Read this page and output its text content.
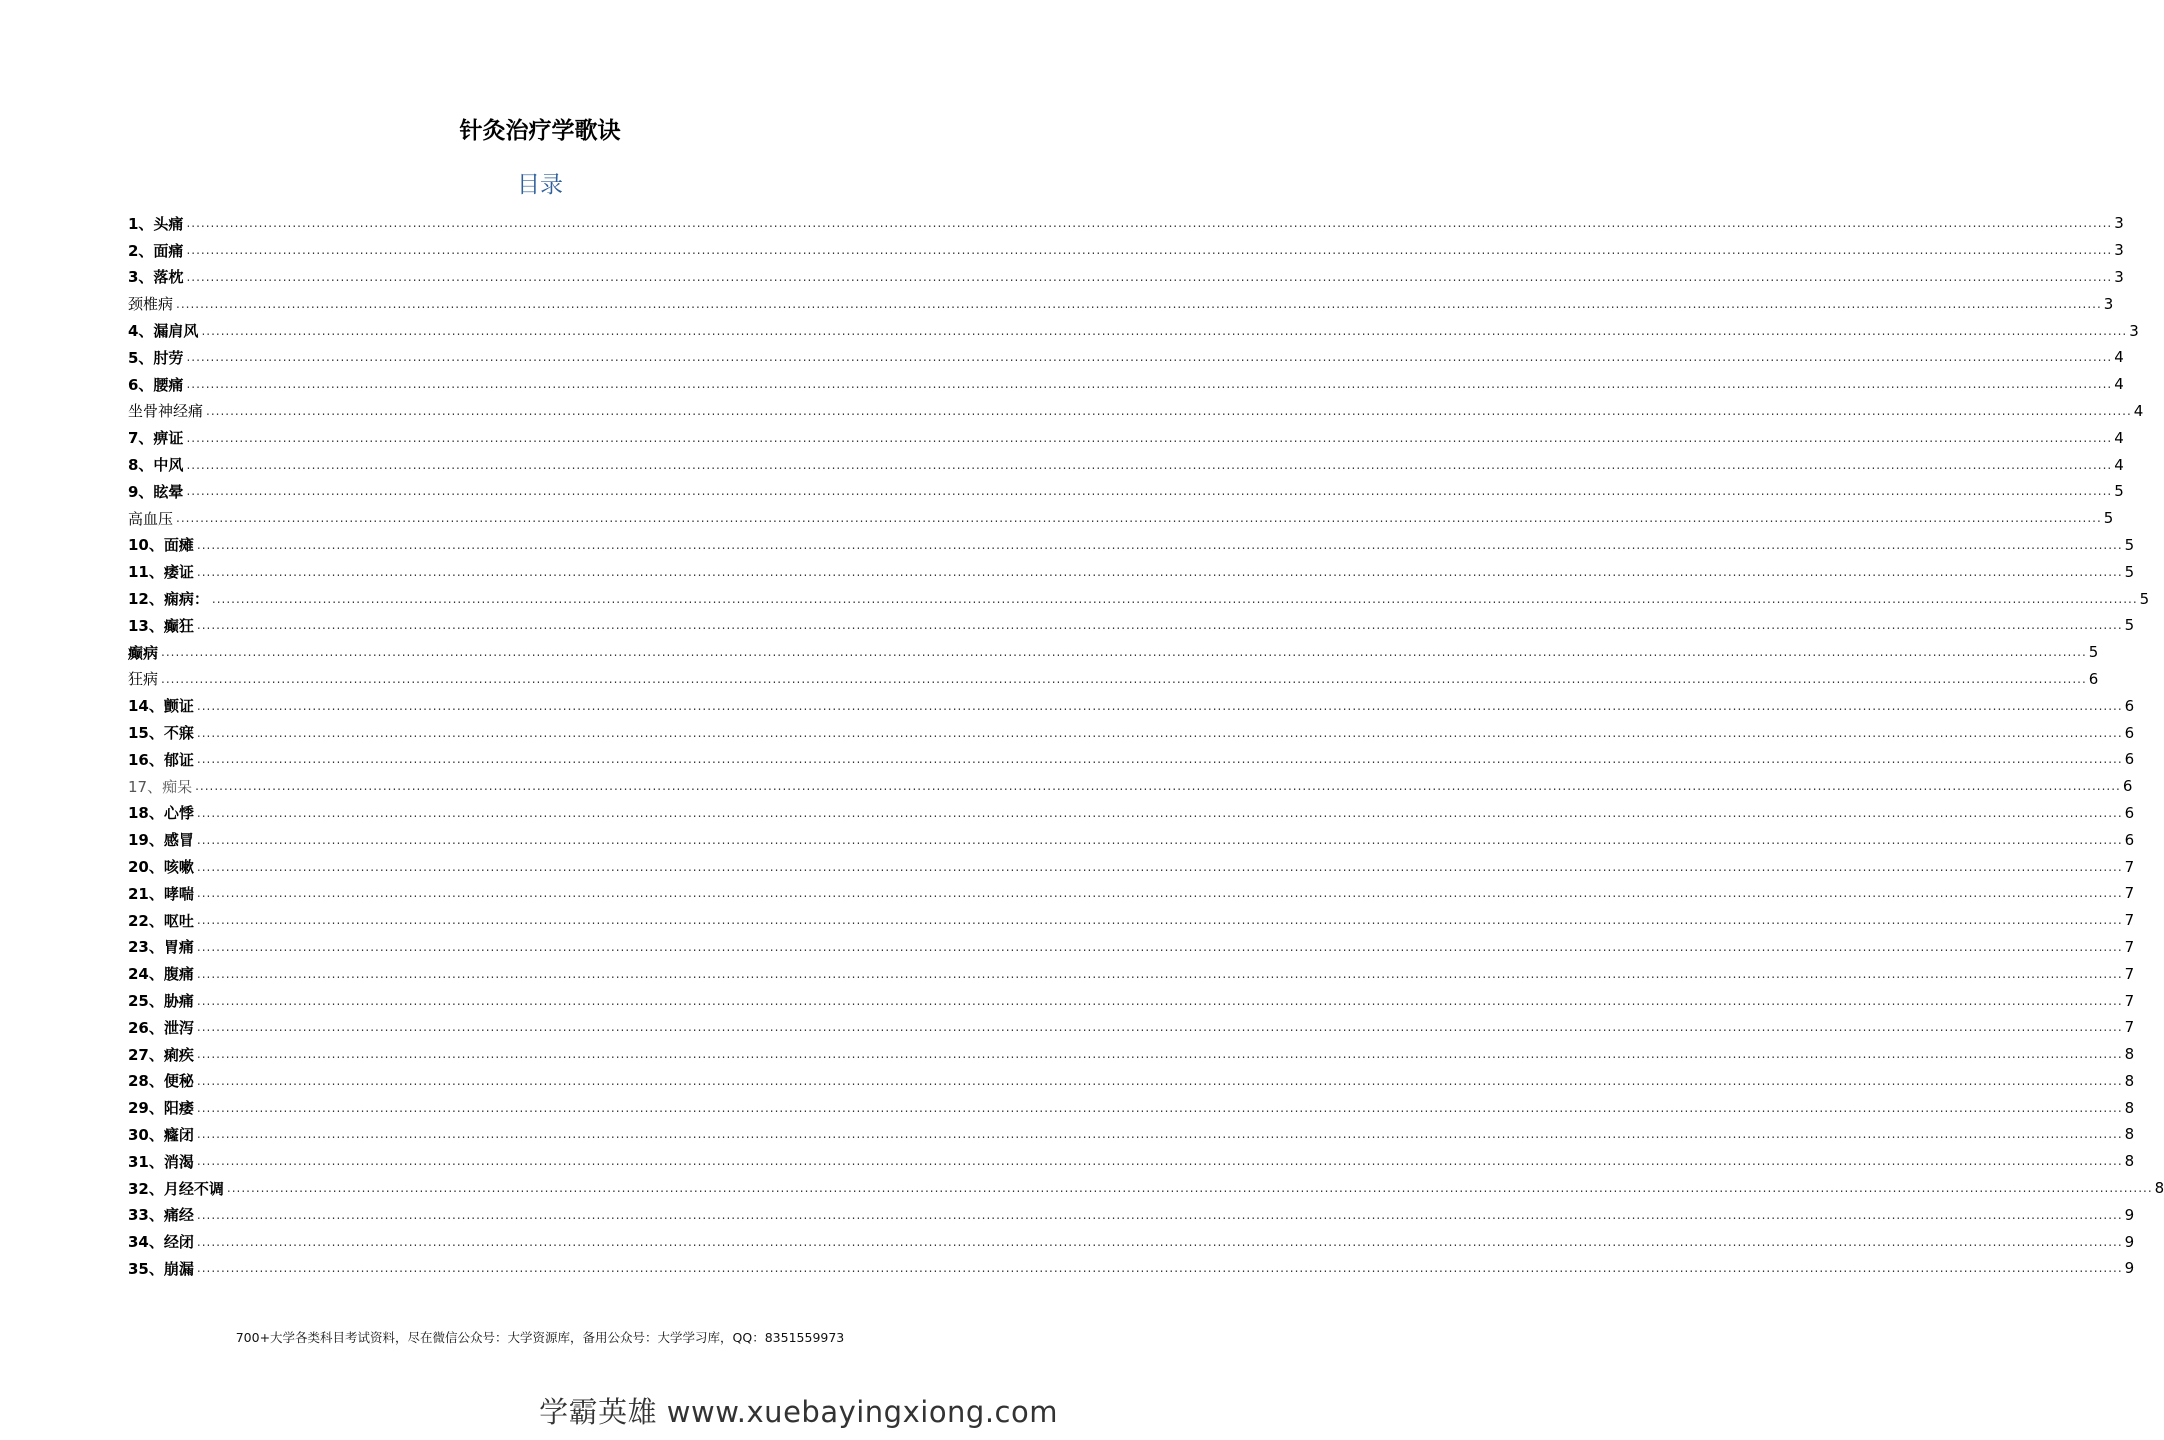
针灸治疗学歌诀
目录
1、头痛 ................................................................................................................................................................................................................................................................................................................................................................................................................ 3
2、面痛 ................................................................................................................................................................................................................................................................................................................................................................................................................ 3
3、落枕 ................................................................................................................................................................................................................................................................................................................................................................................................................ 3
颈椎病 ................................................................................................................................................................................................................................................................................................................................................................................................................ 3
4、漏肩风 ................................................................................................................................................................................................................................................................................................................................................................................................................ 3
5、肘劳 ................................................................................................................................................................................................................................................................................................................................................................................................................ 4
6、腰痛 ................................................................................................................................................................................................................................................................................................................................................................................................................ 4
坐骨神经痛 ................................................................................................................................................................................................................................................................................................................................................................................................................ 4
7、痹证 ................................................................................................................................................................................................................................................................................................................................................................................................................ 4
8、中风 ................................................................................................................................................................................................................................................................................................................................................................................................................ 4
9、眩晕 ................................................................................................................................................................................................................................................................................................................................................................................................................ 5
高血压 ................................................................................................................................................................................................................................................................................................................................................................................................................ 5
10、面瘫 ................................................................................................................................................................................................................................................................................................................................................................................................................ 5
11、痿证 ................................................................................................................................................................................................................................................................................................................................................................................................................ 5
12、痫病： ................................................................................................................................................................................................................................................................................................................................................................................................................ 5
13、癫狂 ................................................................................................................................................................................................................................................................................................................................................................................................................ 5
癫病 ................................................................................................................................................................................................................................................................................................................................................................................................................ 5
狂病 ................................................................................................................................................................................................................................................................................................................................................................................................................ 6
14、颤证 ................................................................................................................................................................................................................................................................................................................................................................................................................ 6
15、不寐 ................................................................................................................................................................................................................................................................................................................................................................................................................ 6
16、郁证 ................................................................................................................................................................................................................................................................................................................................................................................................................ 6
17、痴呆 ................................................................................................................................................................................................................................................................................................................................................................................................................ 6
18、心悸 ................................................................................................................................................................................................................................................................................................................................................................................................................ 6
19、感冒 ................................................................................................................................................................................................................................................................................................................................................................................................................ 6
20、咳嗽 ................................................................................................................................................................................................................................................................................................................................................................................................................ 7
21、哮喘 ................................................................................................................................................................................................................................................................................................................................................................................................................ 7
22、呕吐 ................................................................................................................................................................................................................................................................................................................................................................................................................ 7
23、胃痛 ................................................................................................................................................................................................................................................................................................................................................................................................................ 7
24、腹痛 ................................................................................................................................................................................................................................................................................................................................................................................................................ 7
25、胁痛 ................................................................................................................................................................................................................................................................................................................................................................................................................ 7
26、泄泻 ................................................................................................................................................................................................................................................................................................................................................................................................................ 7
27、痢疾 ................................................................................................................................................................................................................................................................................................................................................................................................................ 8
28、便秘 ................................................................................................................................................................................................................................................................................................................................................................................................................ 8
29、阳痿 ................................................................................................................................................................................................................................................................................................................................................................................................................ 8
30、癃闭 ................................................................................................................................................................................................................................................................................................................................................................................................................ 8
31、消渴 ................................................................................................................................................................................................................................................................................................................................................................................................................ 8
32、月经不调 ................................................................................................................................................................................................................................................................................................................................................................................................................ 8
33、痛经 ................................................................................................................................................................................................................................................................................................................................................................................................................ 9
34、经闭 ................................................................................................................................................................................................................................................................................................................................................................................................................ 9
35、崩漏 ................................................................................................................................................................................................................................................................................................................................................................................................................ 9
700+大学各类科目考试资料，尽在微信公众号：大学资源库，备用公众号：大学学习库，QQ：8351559973
学霸英雄 www.xuebayingxiong.com
